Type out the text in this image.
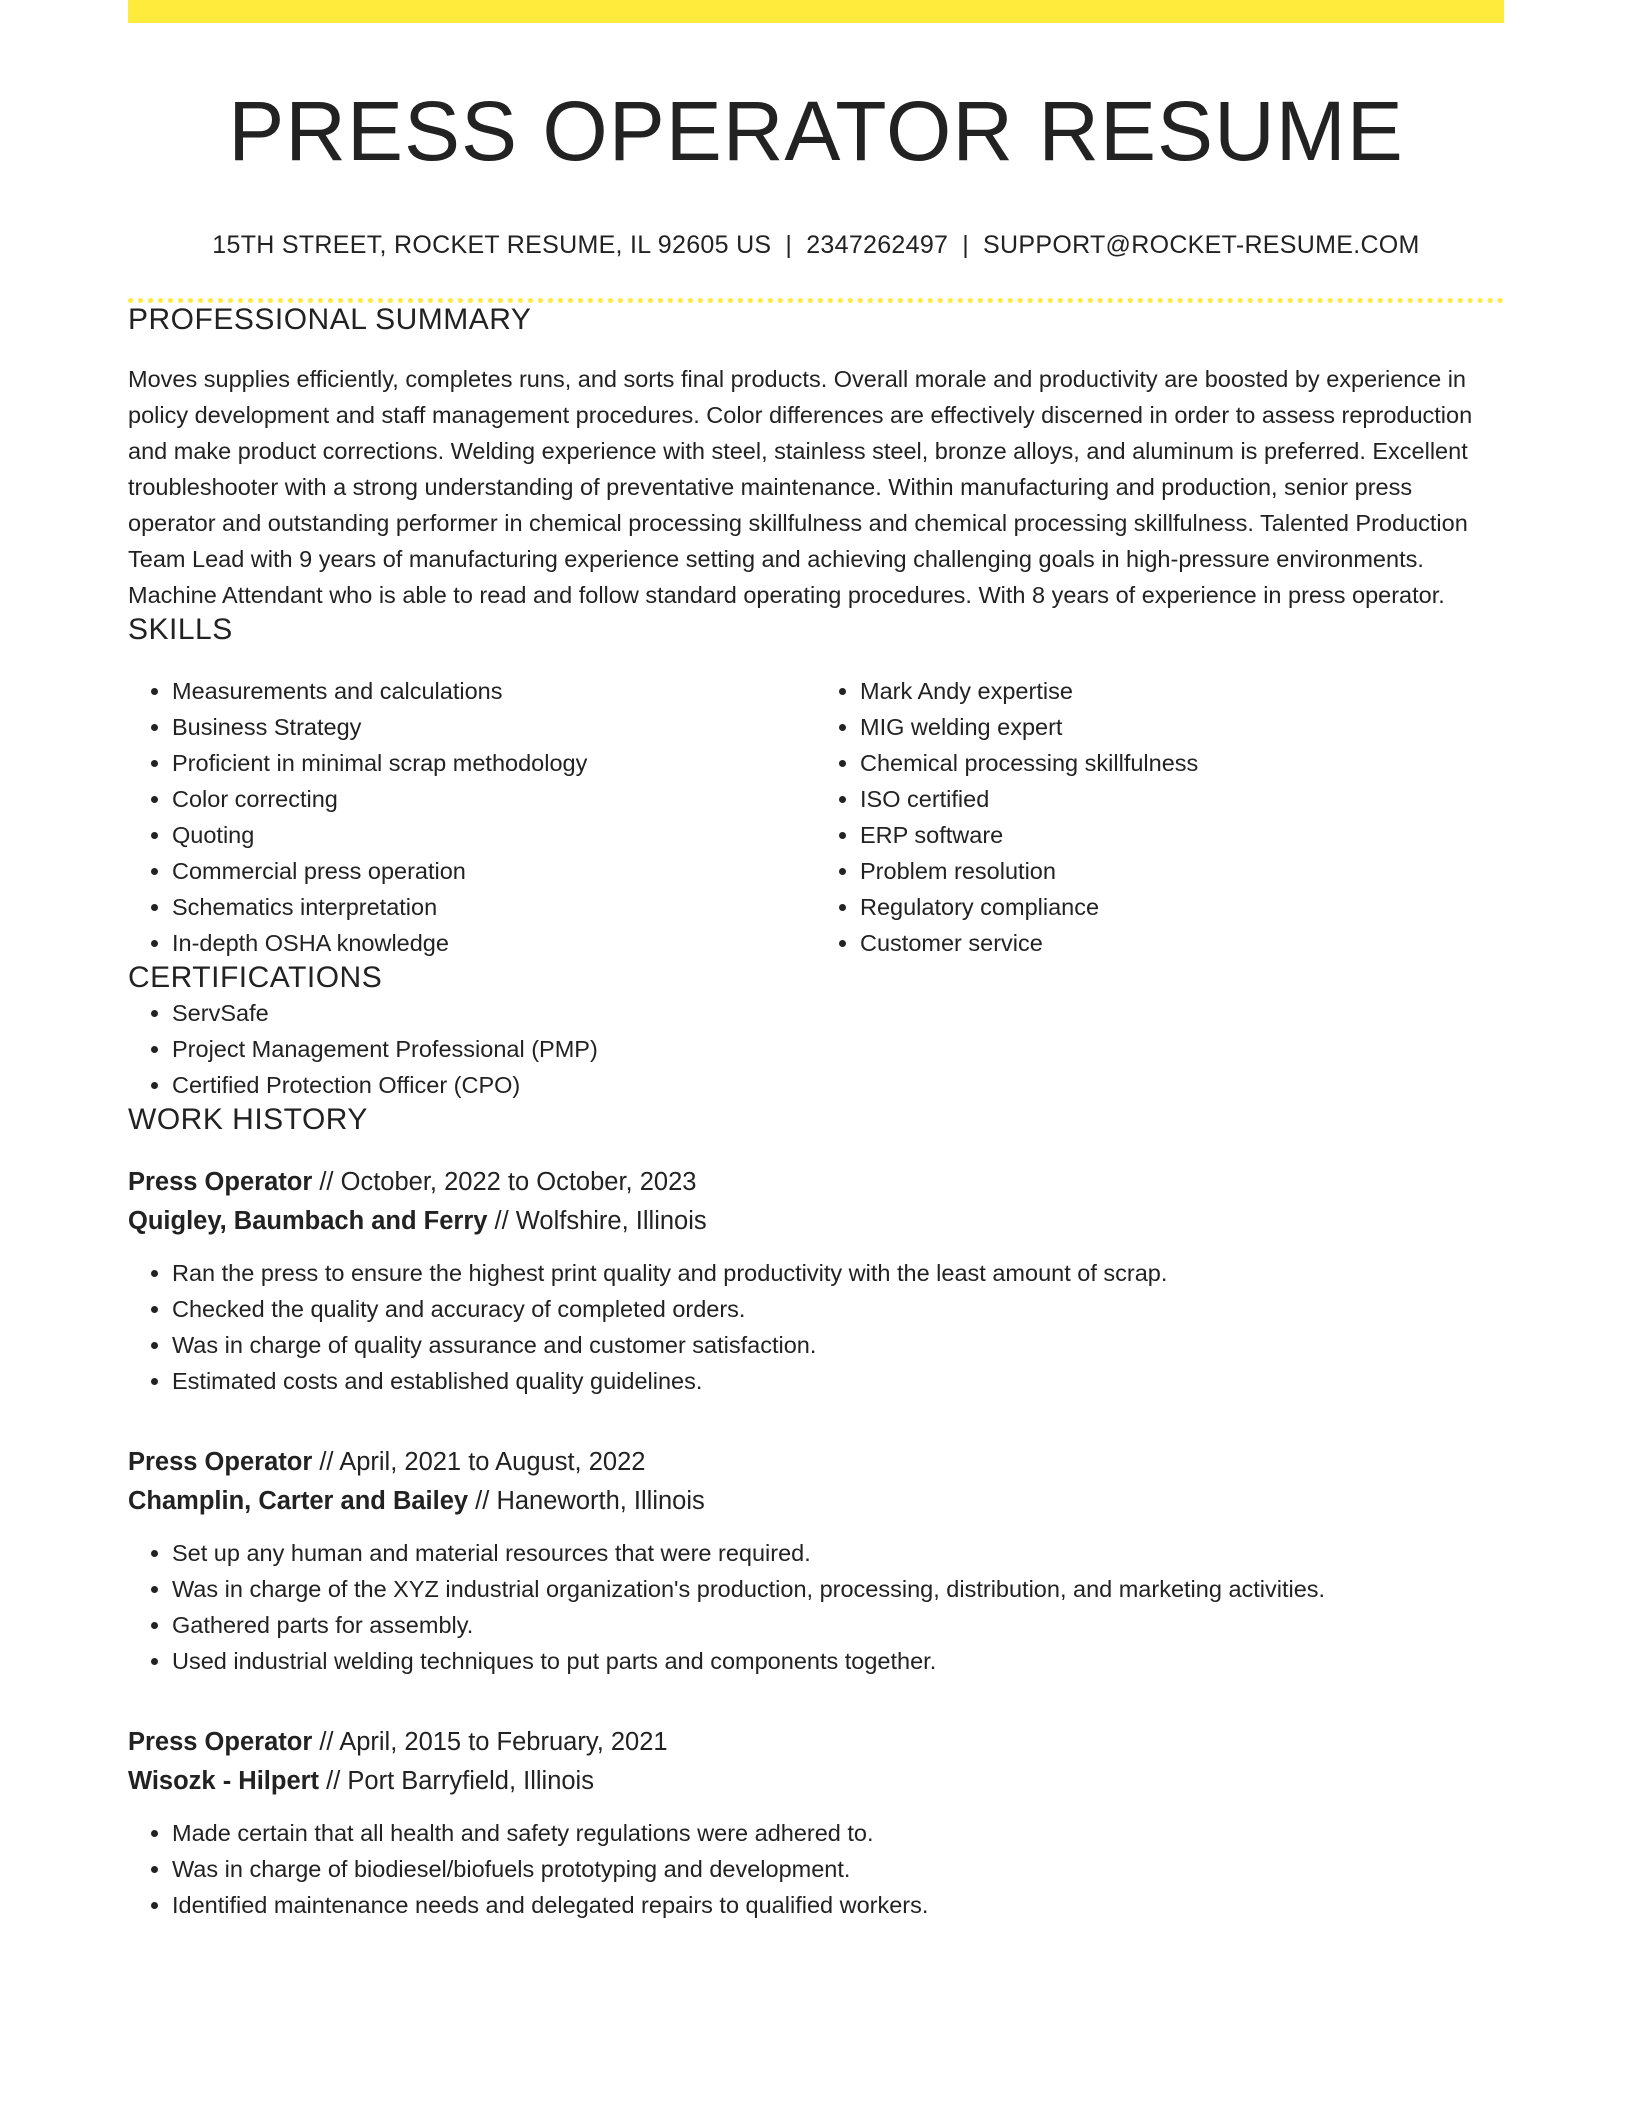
PRESS OPERATOR RESUME
15TH STREET, ROCKET RESUME, IL 92605 US | 2347262497 | SUPPORT@ROCKET-RESUME.COM
PROFESSIONAL SUMMARY

Moves supplies efficiently, completes runs, and sorts final products. Overall morale and productivity are boosted by experience in policy development and staff management procedures. Color differences are effectively discerned in order to assess reproduction and make product corrections. Welding experience with steel, stainless steel, bronze alloys, and aluminum is preferred. Excellent troubleshooter with a strong understanding of preventative maintenance. Within manufacturing and production, senior press operator and outstanding performer in chemical processing skillfulness and chemical processing skillfulness. Talented Production Team Lead with 9 years of manufacturing experience setting and achieving challenging goals in high-pressure environments. Machine Attendant who is able to read and follow standard operating procedures. With 8 years of experience in press operator.

SKILLS
• Measurements and calculations
• Business Strategy
• Proficient in minimal scrap methodology
• Color correcting
• Quoting
• Commercial press operation
• Schematics interpretation
• In-depth OSHA knowledge
• Mark Andy expertise
• MIG welding expert
• Chemical processing skillfulness
• ISO certified
• ERP software
• Problem resolution
• Regulatory compliance
• Customer service
CERTIFICATIONS
• ServSafe
• Project Management Professional (PMP)
• Certified Protection Officer (CPO)
WORK HISTORY
Press Operator // October, 2022 to October, 2023
Quigley, Baumbach and Ferry // Wolfshire, Illinois
• Ran the press to ensure the highest print quality and productivity with the least amount of scrap.
• Checked the quality and accuracy of completed orders.
• Was in charge of quality assurance and customer satisfaction.
• Estimated costs and established quality guidelines.
Press Operator // April, 2021 to August, 2022
Champlin, Carter and Bailey // Haneworth, Illinois
• Set up any human and material resources that were required.
• Was in charge of the XYZ industrial organization's production, processing, distribution, and marketing activities.
• Gathered parts for assembly.
• Used industrial welding techniques to put parts and components together.
Press Operator // April, 2015 to February, 2021
Wisozk - Hilpert // Port Barryfield, Illinois
• Made certain that all health and safety regulations were adhered to.
• Was in charge of biodiesel/biofuels prototyping and development.
• Identified maintenance needs and delegated repairs to qualified workers.
